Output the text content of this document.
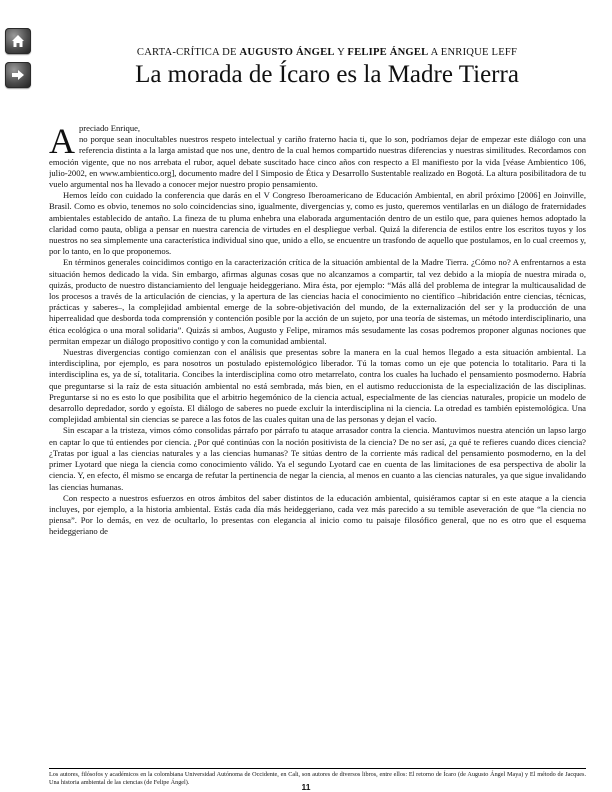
CARTA-CRÍTICA DE AUGUSTO ÁNGEL Y FELIPE ÁNGEL A ENRIQUE LEFF
La morada de Ícaro es la Madre Tierra

Apreciado Enrique,
no porque sean inocultables nuestros respeto intelectual y cariño fraterno hacia ti, que lo son, podríamos dejar de empezar este diálogo con una referencia distinta a la larga amistad que nos une, dentro de la cual hemos compartido nuestras diferencias y nuestras similitudes. Recordamos con emoción vigente, que no nos arrebata el rubor, aquel debate suscitado hace cinco años con respecto a El manifiesto por la vida [véase Ambientico 106, julio-2002, en www.ambientico.org], documento madre del I Simposio de Ética y Desarrollo Sustentable realizado en Bogotá. La altura posibilitadora de tu vuelo argumental nos ha llevado a conocer mejor nuestro propio pensamiento.

Hemos leído con cuidado la conferencia que darás en el V Congreso Iberoamericano de Educación Ambiental, en abril próximo [2006] en Joinville, Brasil. Como es obvio, tenemos no solo coincidencias sino, igualmente, divergencias y, como es justo, queremos ventilarlas en un diálogo de fraternidades ambientales establecido de antaño. La fineza de tu pluma enhebra una elaborada argumentación dentro de un estilo que, para quienes hemos adoptado la claridad como pauta, obliga a pensar en nuestra carencia de virtudes en el despliegue verbal. Quizá la diferencia de estilos entre los escritos tuyos y los nuestros no sea simplemente una característica individual sino que, unido a ello, se encuentre un trasfondo de aquello que postulamos, en lo cual creemos y, por lo tanto, en lo que proponemos.

En términos generales coincidimos contigo en la caracterización crítica de la situación ambiental de la Madre Tierra. ¿Cómo no? A enfrentarnos a esta situación hemos dedicado la vida. Sin embargo, afirmas algunas cosas que no alcanzamos a compartir, tal vez debido a la miopía de nuestra mirada o, quizás, producto de nuestro distanciamiento del lenguaje heideggeriano. Mira ésta, por ejemplo: “Más allá del problema de integrar la multicausalidad de los procesos a través de la articulación de ciencias, y la apertura de las ciencias hacia el conocimiento no científico –hibridación entre ciencias, técnicas, prácticas y saberes–, la complejidad ambiental emerge de la sobre-objetivación del mundo, de la externalización del ser y la producción de una hiperrealidad que desborda toda comprensión y contención posible por la acción de un sujeto, por una teoría de sistemas, un método interdisciplinario, una ética ecológica o una moral solidaria”. Quizás si ambos, Augusto y Felipe, miramos más sesudamente las cosas podremos proponer algunas nociones que permitan empezar un diálogo propositivo contigo y con la comunidad ambiental.

Nuestras divergencias contigo comienzan con el análisis que presentas sobre la manera en la cual hemos llegado a esta situación ambiental. La interdisciplina, por ejemplo, es para nosotros un postulado epistemológico liberador. Tú la tomas como un eje que potencia lo totalitario. Para ti la interdisciplina es, ya de sí, totalitaria. Concibes la interdisciplina como otro metarrelato, contra los cuales ha luchado el pensamiento posmoderno. Habría que preguntarse si la raíz de esta situación ambiental no está sembrada, más bien, en el autismo reduccionista de la especialización de las disciplinas. Preguntarse si no es esto lo que posibilita que el arbitrio hegemónico de la ciencia actual, especialmente de las ciencias naturales, propicie un modelo de desarrollo depredador, sordo y egoísta. El diálogo de saberes no puede excluir la interdisciplina ni la ciencia. La otredad es también epistemológica. Una complejidad ambiental sin ciencias se parece a las fotos de las cuales quitan una de las personas y dejan el vacío.

Sin escapar a la tristeza, vimos cómo consolidas párrafo por párrafo tu ataque arrasador contra la ciencia. Mantuvimos nuestra atención un lapso largo en captar lo que tú entiendes por ciencia. ¿Por qué continúas con la noción positivista de la ciencia? De no ser así, ¿a qué te refieres cuando dices ciencia? ¿Tratas por igual a las ciencias naturales y a las ciencias humanas? Te sitúas dentro de la corriente más radical del pensamiento posmoderno, en la del primer Lyotard que niega la ciencia como conocimiento válido. Ya el segundo Lyotard cae en cuenta de las limitaciones de esa perspectiva de abolir la ciencia. Y, en efecto, él mismo se encarga de refutar la pertinencia de negar la ciencia, al menos en cuanto a las ciencias naturales, ya que sigue invalidando las ciencias humanas.

Con respecto a nuestros esfuerzos en otros ámbitos del saber distintos de la educación ambiental, quisiéramos captar si en este ataque a la ciencia incluyes, por ejemplo, a la historia ambiental. Estás cada día más heideggeriano, cada vez más parecido a su temible aseveración de que “la ciencia no piensa”. Por lo demás, en vez de ocultarlo, lo presentas con elegancia al inicio como tu paisaje filosófico general, que no es otro que el esquema heideggeriano de

Los autores, filósofos y académicos en la colombiana Universidad Autónoma de Occidente, en Cali, son autores de diversos libros, entre ellos: El retorno de Ícaro (de Augusto Ángel Maya) y El método de Jacques. Una historia ambiental de las ciencias (de Felipe Ángel).	11
